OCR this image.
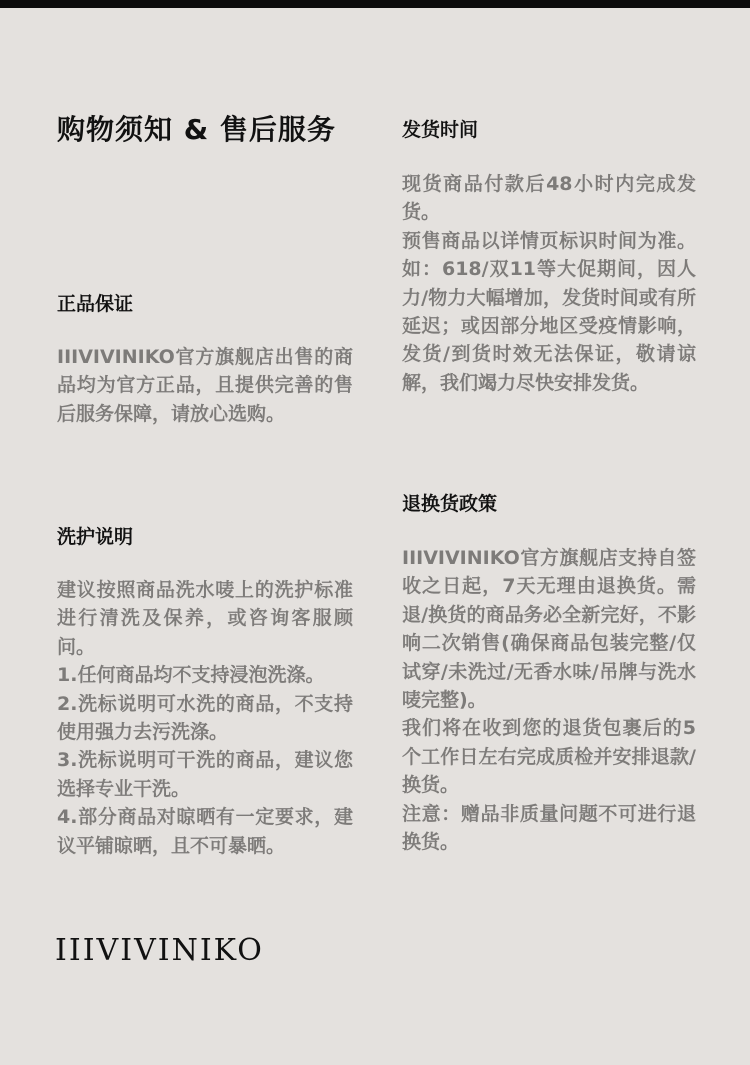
购物须知 & 售后服务
正品保证

IIIVIVINIKO官方旗舰店出售的商品均为官方正品，且提供完善的售后服务保障，请放心选购。

洗护说明

建议按照商品洗水唛上的洗护标准进行清洗及保养，或咨询客服顾问。

1.任何商品均不支持浸泡洗涤。

2.洗标说明可水洗的商品，不支持使用强力去污洗涤。

3.洗标说明可干洗的商品，建议您选择专业干洗。

4.部分商品对晾晒有一定要求，建议平铺晾晒，且不可暴晒。

发货时间

现货商品付款后48小时内完成发货。

预售商品以详情页标识时间为准。如：618/双11等大促期间，因人力/物力大幅增加，发货时间或有所延迟；或因部分地区受疫情影响，发货/到货时效无法保证，敬请谅解，我们竭力尽快安排发货。

退换货政策

IIIVIVINIKO官方旗舰店支持自签收之日起，7天无理由退换货。需退/换货的商品务必全新完好，不影响二次销售(确保商品包装完整/仅试穿/未洗过/无香水味/吊牌与洗水唛完整)。

我们将在收到您的退货包裹后的5个工作日左右完成质检并安排退款/换货。

注意：赠品非质量问题不可进行退换货。

IIIVIVINIKO
